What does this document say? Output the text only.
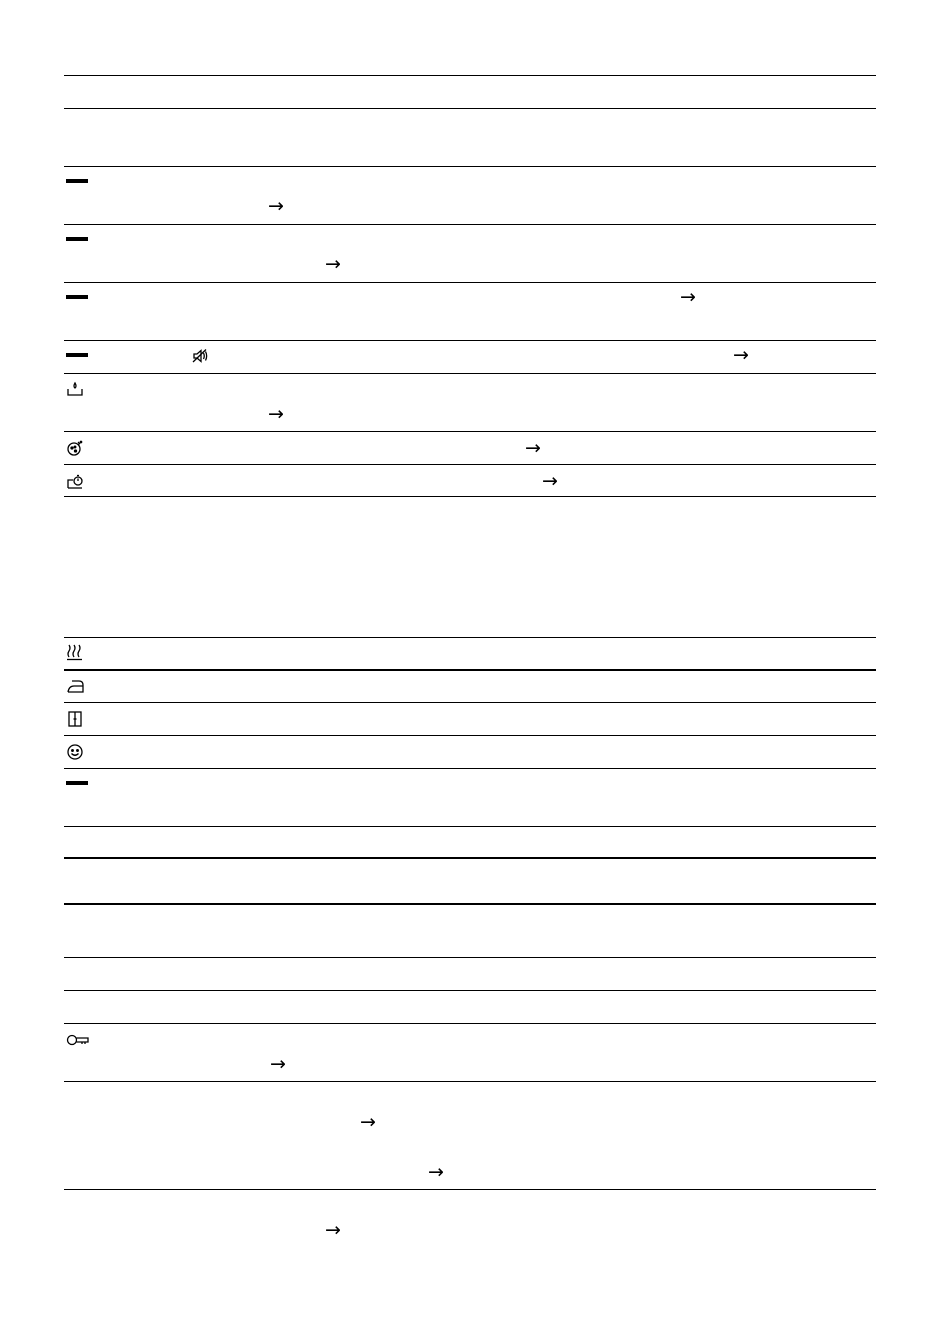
→
→
→
→
→
→
→
→
→
→
→
